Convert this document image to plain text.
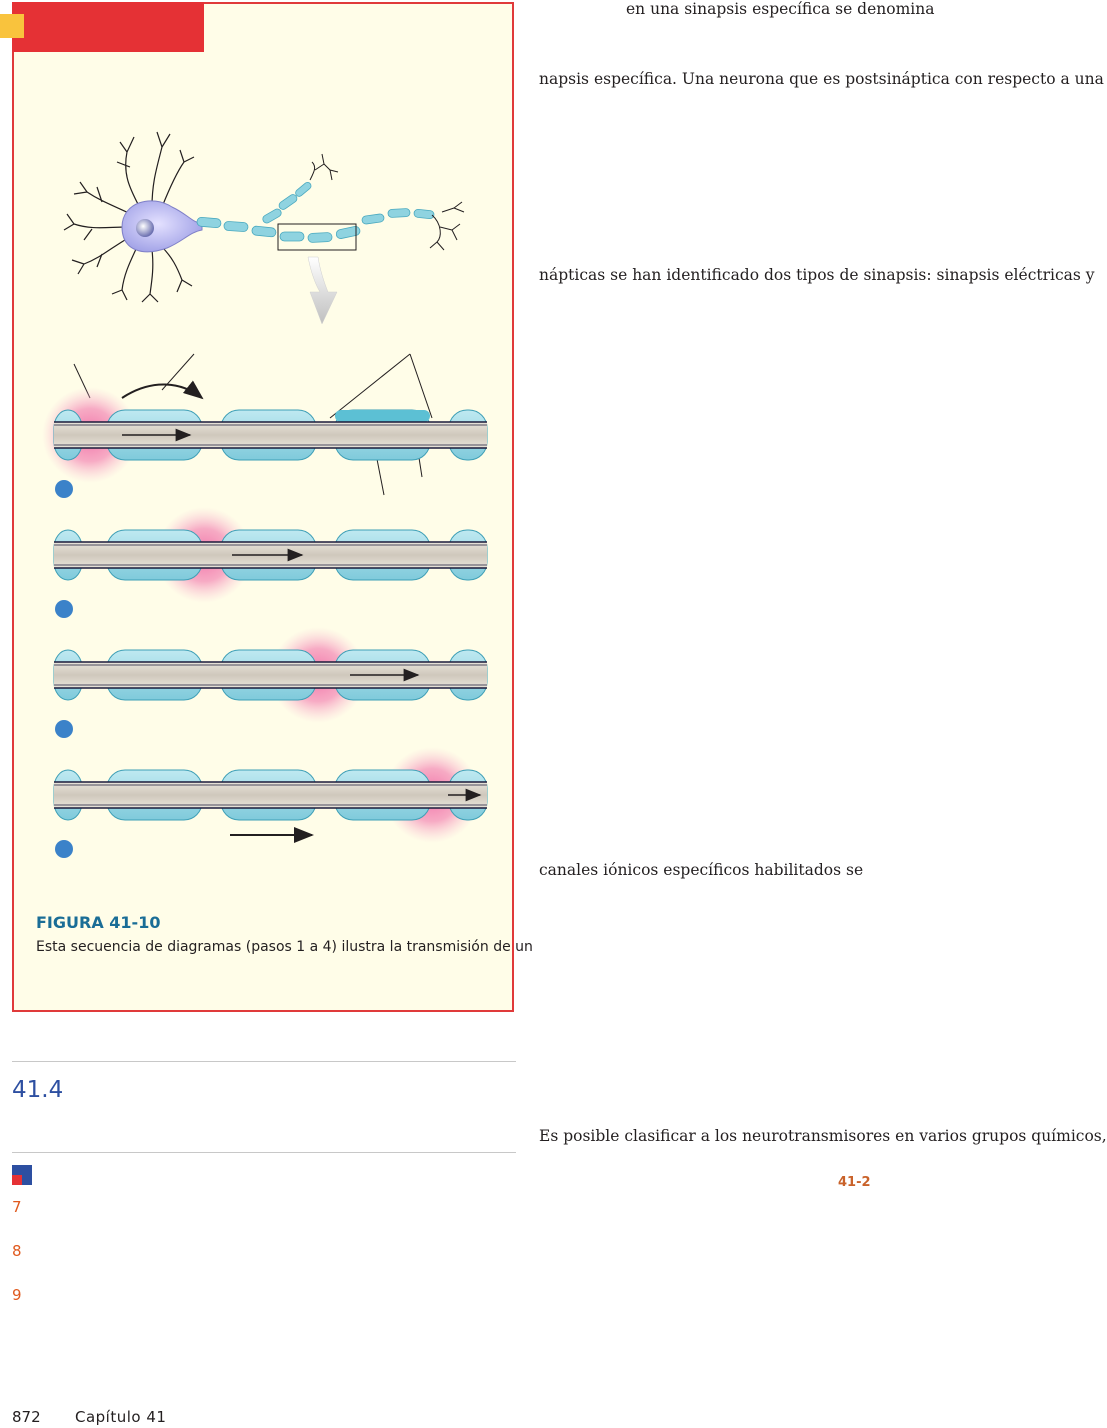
FIGURA 41-10
Esta secuencia de diagramas (pasos 1 a 4) ilustra la transmisión de un
en una sinapsis específica se denomina
napsis específica. Una neurona que es postsináptica con respecto a una
nápticas se han identificado dos tipos de sinapsis: sinapsis eléctricas y
canales iónicos específicos habilitados se
Es posible clasificar a los neurotransmisores en varios grupos químicos,
41-2
41.4
7
8
9
872 Capítulo 41
